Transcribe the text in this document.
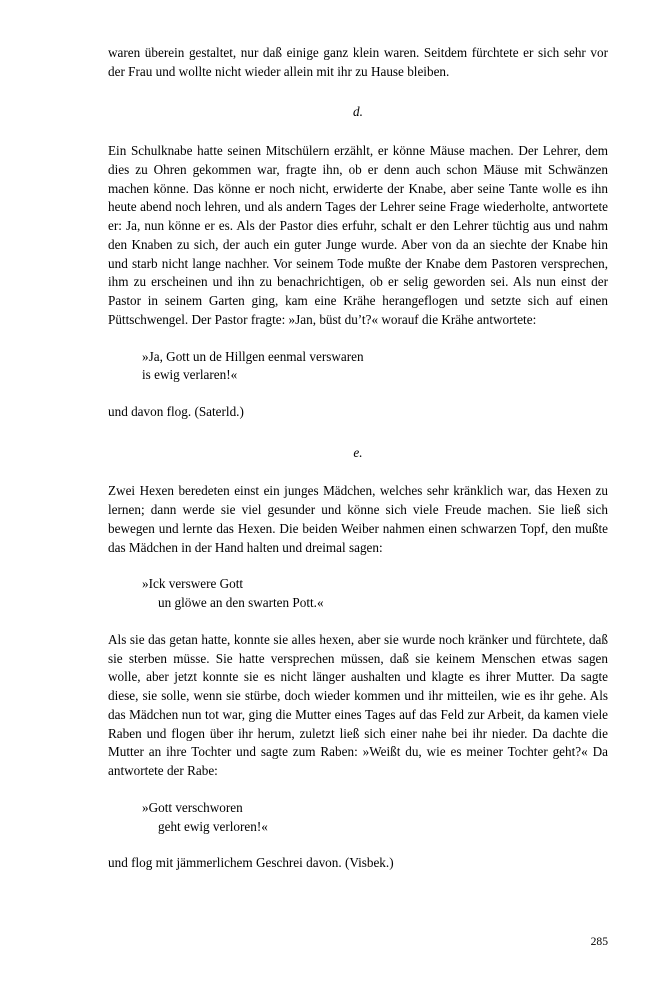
waren überein gestaltet, nur daß einige ganz klein waren. Seitdem fürchtete er sich sehr vor der Frau und wollte nicht wieder allein mit ihr zu Hause bleiben.

d.

Ein Schulknabe hatte seinen Mitschülern erzählt, er könne Mäuse machen. Der Lehrer, dem dies zu Ohren gekommen war, fragte ihn, ob er denn auch schon Mäuse mit Schwänzen machen könne. Das könne er noch nicht, erwiderte der Knabe, aber seine Tante wolle es ihn heute abend noch lehren, und als andern Tages der Lehrer seine Frage wiederholte, antwortete er: Ja, nun könne er es. Als der Pastor dies erfuhr, schalt er den Lehrer tüchtig aus und nahm den Knaben zu sich, der auch ein guter Junge wurde. Aber von da an siechte der Knabe hin und starb nicht lange nachher. Vor seinem Tode mußte der Knabe dem Pastoren versprechen, ihm zu erscheinen und ihn zu benachrichtigen, ob er selig geworden sei. Als nun einst der Pastor in seinem Garten ging, kam eine Krähe herangeflogen und setzte sich auf einen Püttschwengel. Der Pastor fragte: »Jan, büst du’t?« worauf die Krähe antwortete:

»Ja, Gott un de Hillgen eenmal verswaren
is ewig verlaren!«

und davon flog. (Saterld.)

e.

Zwei Hexen beredeten einst ein junges Mädchen, welches sehr kränklich war, das Hexen zu lernen; dann werde sie viel gesunder und könne sich viele Freude machen. Sie ließ sich bewegen und lernte das Hexen. Die beiden Weiber nahmen einen schwarzen Topf, den mußte das Mädchen in der Hand halten und dreimal sagen:

»Ick verswere Gott
un glöwe an den swarten Pott.«

Als sie das getan hatte, konnte sie alles hexen, aber sie wurde noch kränker und fürchtete, daß sie sterben müsse. Sie hatte versprechen müssen, daß sie keinem Menschen etwas sagen wolle, aber jetzt konnte sie es nicht länger aushalten und klagte es ihrer Mutter. Da sagte diese, sie solle, wenn sie stürbe, doch wieder kommen und ihr mitteilen, wie es ihr gehe. Als das Mädchen nun tot war, ging die Mutter eines Tages auf das Feld zur Arbeit, da kamen viele Raben und flogen über ihr herum, zuletzt ließ sich einer nahe bei ihr nieder. Da dachte die Mutter an ihre Tochter und sagte zum Raben: »Weißt du, wie es meiner Tochter geht?« Da antwortete der Rabe:

»Gott verschworen
geht ewig verloren!«

und flog mit jämmerlichem Geschrei davon. (Visbek.)

285
